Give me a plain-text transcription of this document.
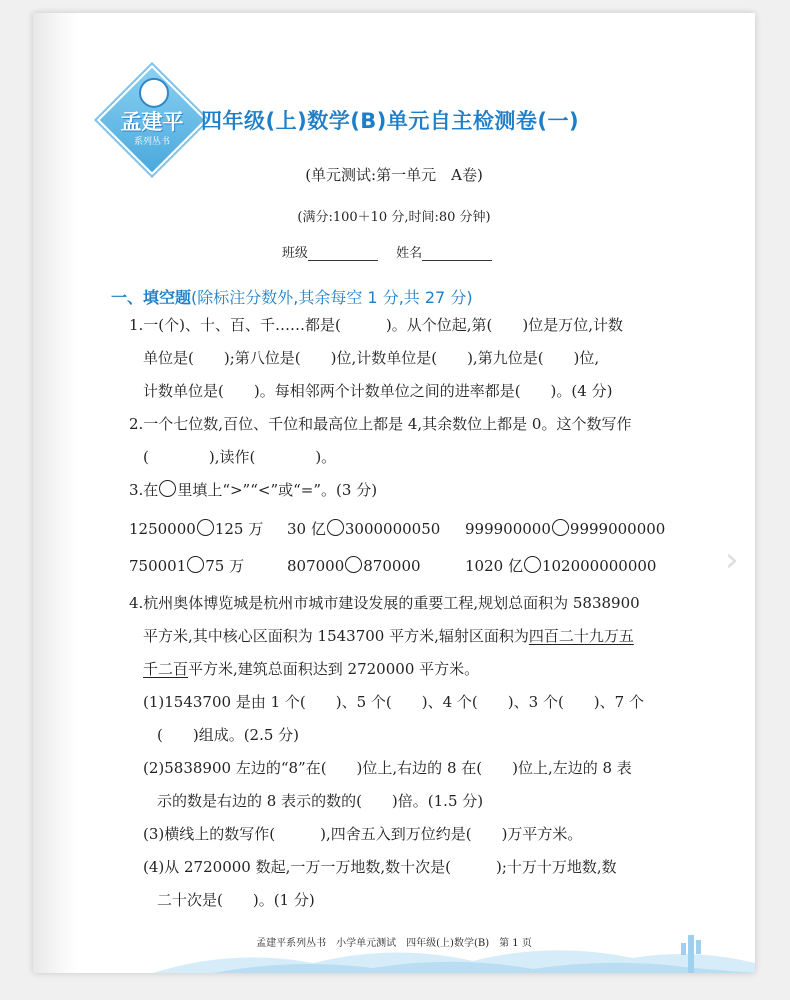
孟建平
系列丛书
四年级(上)数学(B)单元自主检测卷(一)
(单元测试:第一单元　A卷)
(满分:100＋10 分,时间:80 分钟)
班级	姓名
一、填空题(除标注分数外,其余每空 1 分,共 27 分)

1.一(个)、十、百、千……都是(　　　)。从个位起,第(　　)位是万位,计数

单位是(　　);第八位是(　　)位,计数单位是(　　),第九位是(　　)位,

计数单位是(　　)。每相邻两个计数单位之间的进率都是(　　)。(4 分)

2.一个七位数,百位、千位和最高位上都是 4,其余数位上都是 0。这个数写作

(　　　　),读作(　　　　)。

3.在 里填上“>”“<”或“=”。(3 分)

1250000 125 万	30 亿 3000000050	999900000 9999000000
750001 75 万	807000 870000	1020 亿 102000000000

4.杭州奥体博览城是杭州市城市建设发展的重要工程,规划总面积为 5838900

平方米,其中核心区面积为 1543700 平方米,辐射区面积为四百二十九万五

千二百平方米,建筑总面积达到 2720000 平方米。

(1)1543700 是由 1 个(　　)、5 个(　　)、4 个(　　)、3 个(　　)、7 个

(　　)组成。(2.5 分)

(2)5838900 左边的“8”在(　　)位上,右边的 8 在(　　)位上,左边的 8 表

示的数是右边的 8 表示的数的(　　)倍。(1.5 分)

(3)横线上的数写作(　　　),四舍五入到万位约是(　　)万平方米。

(4)从 2720000 数起,一万一万地数,数十次是(　　　);十万十万地数,数

二十次是(　　)。(1 分)

孟建平系列丛书　小学单元测试　四年级(上)数学(B)　第 1 页
›
